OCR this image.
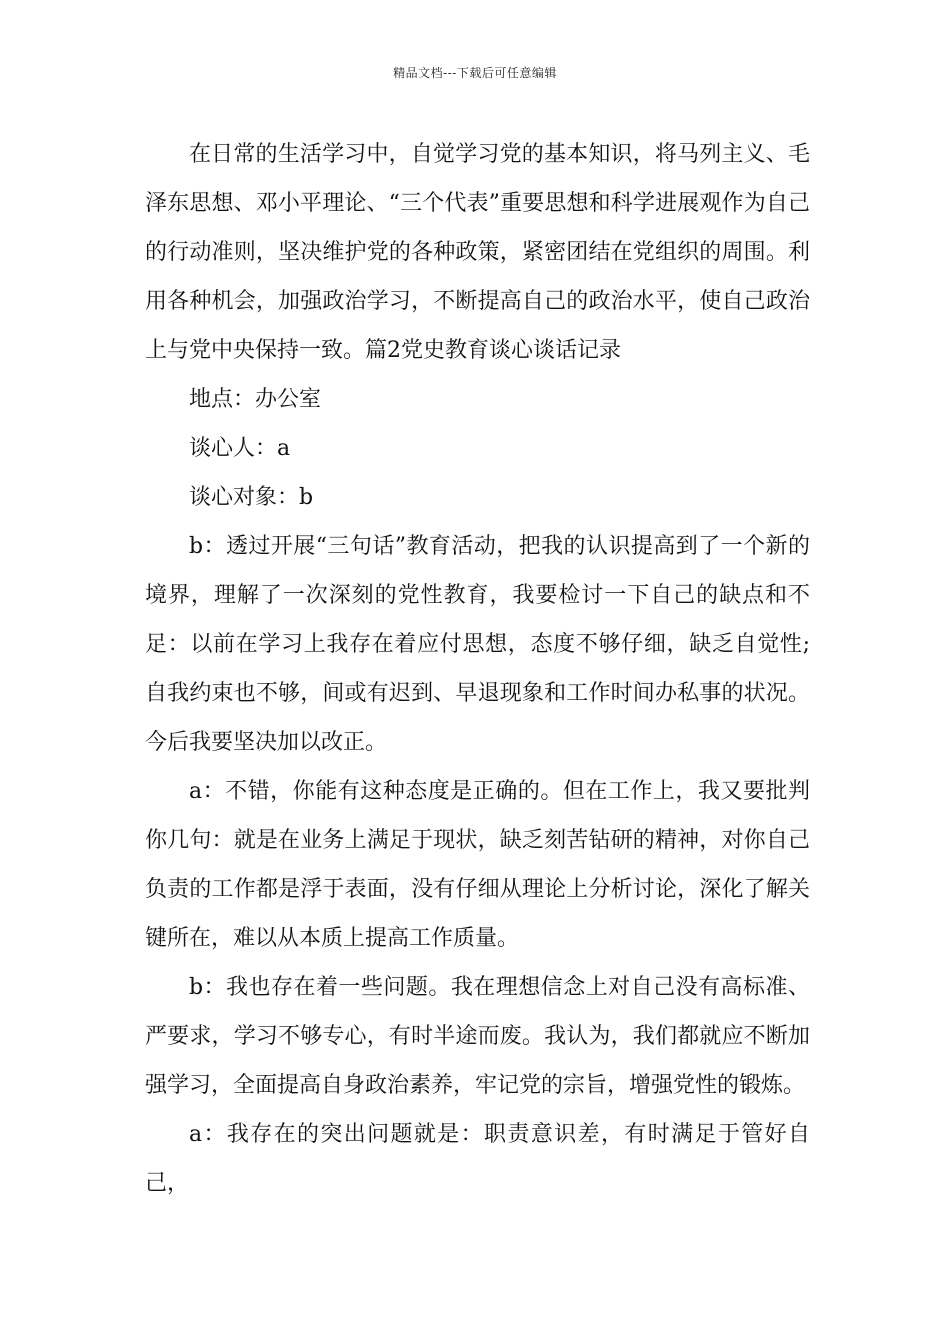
精品文档---下载后可任意编辑

在日常的生活学习中，自觉学习党的基本知识，将马列主义、毛泽东思想、邓小平理论、“三个代表”重要思想和科学进展观作为自己的行动准则，坚决维护党的各种政策，紧密团结在党组织的周围。利用各种机会，加强政治学习，不断提高自己的政治水平，使自己政治上与党中央保持一致。篇2党史教育谈心谈话记录

地点：办公室

谈心人：a

谈心对象：b

b：透过开展“三句话”教育活动，把我的认识提高到了一个新的境界，理解了一次深刻的党性教育，我要检讨一下自己的缺点和不足：以前在学习上我存在着应付思想，态度不够仔细，缺乏自觉性;自我约束也不够，间或有迟到、早退现象和工作时间办私事的状况。今后我要坚决加以改正。

a：不错，你能有这种态度是正确的。但在工作上，我又要批判你几句：就是在业务上满足于现状，缺乏刻苦钻研的精神，对你自己负责的工作都是浮于表面，没有仔细从理论上分析讨论，深化了解关键所在，难以从本质上提高工作质量。

b：我也存在着一些问题。我在理想信念上对自己没有高标准、严要求，学习不够专心，有时半途而废。我认为，我们都就应不断加强学习，全面提高自身政治素养，牢记党的宗旨，增强党性的锻炼。

a：我存在的突出问题就是：职责意识差，有时满足于管好自己，
